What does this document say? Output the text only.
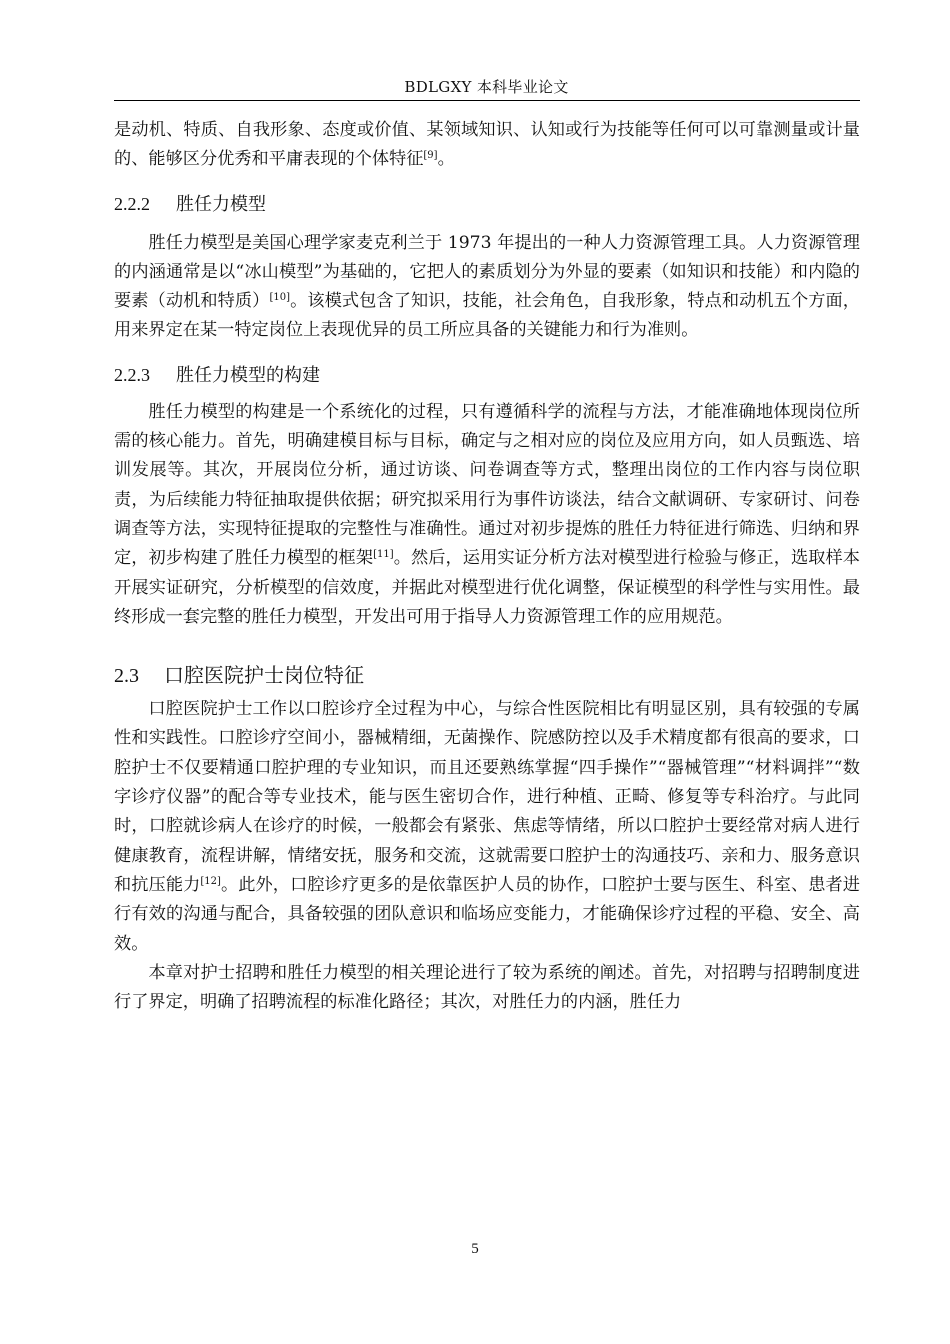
BDLGXY 本科毕业论文

是动机、特质、自我形象、态度或价值、某领域知识、认知或行为技能等任何可以可靠测量或计量的、能够区分优秀和平庸表现的个体特征[9]。

2.2.2 胜任力模型

胜任力模型是美国心理学家麦克利兰于 1973 年提出的一种人力资源管理工具。人力资源管理的内涵通常是以“冰山模型”为基础的，它把人的素质划分为外显的要素（如知识和技能）和内隐的要素（动机和特质）[10]。该模式包含了知识，技能，社会角色，自我形象，特点和动机五个方面，用来界定在某一特定岗位上表现优异的员工所应具备的关键能力和行为准则。

2.2.3 胜任力模型的构建

胜任力模型的构建是一个系统化的过程，只有遵循科学的流程与方法，才能准确地体现岗位所需的核心能力。首先，明确建模目标与目标，确定与之相对应的岗位及应用方向，如人员甄选、培训发展等。其次，开展岗位分析，通过访谈、问卷调查等方式，整理出岗位的工作内容与岗位职责，为后续能力特征抽取提供依据；研究拟采用行为事件访谈法，结合文献调研、专家研讨、问卷调查等方法，实现特征提取的完整性与准确性。通过对初步提炼的胜任力特征进行筛选、归纳和界定，初步构建了胜任力模型的框架[11]。然后，运用实证分析方法对模型进行检验与修正，选取样本开展实证研究，分析模型的信效度，并据此对模型进行优化调整，保证模型的科学性与实用性。最终形成一套完整的胜任力模型，开发出可用于指导人力资源管理工作的应用规范。

2.3 口腔医院护士岗位特征

口腔医院护士工作以口腔诊疗全过程为中心，与综合性医院相比有明显区别，具有较强的专属性和实践性。口腔诊疗空间小，器械精细，无菌操作、院感防控以及手术精度都有很高的要求，口腔护士不仅要精通口腔护理的专业知识，而且还要熟练掌握“四手操作”“器械管理”“材料调拌”“数字诊疗仪器”的配合等专业技术，能与医生密切合作，进行种植、正畸、修复等专科治疗。与此同时，口腔就诊病人在诊疗的时候，一般都会有紧张、焦虑等情绪，所以口腔护士要经常对病人进行健康教育，流程讲解，情绪安抚，服务和交流，这就需要口腔护士的沟通技巧、亲和力、服务意识和抗压能力[12]。此外，口腔诊疗更多的是依靠医护人员的协作，口腔护士要与医生、科室、患者进行有效的沟通与配合，具备较强的团队意识和临场应变能力，才能确保诊疗过程的平稳、安全、高效。

本章对护士招聘和胜任力模型的相关理论进行了较为系统的阐述。首先，对招聘与招聘制度进行了界定，明确了招聘流程的标准化路径；其次，对胜任力的内涵，胜任力

5
